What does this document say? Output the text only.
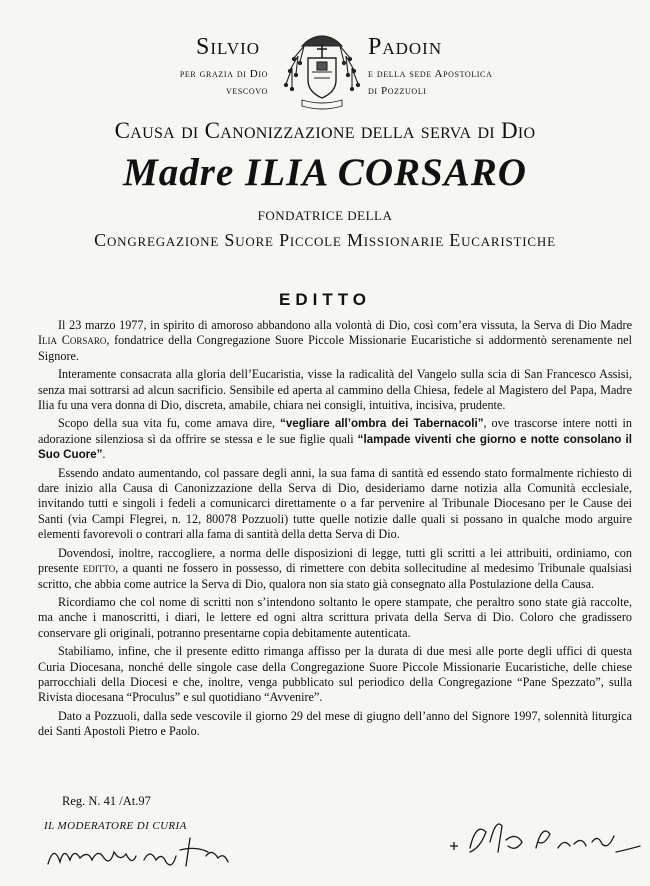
Silvio
per grazia di Dio
vescovo
Padoin
e della sede Apostolica
di Pozzuoli
Causa di Canonizzazione della serva di Dio
Madre ILIA CORSARO
FONDATRICE DELLA
Congregazione Suore Piccole Missionarie Eucaristiche
EDITTO

Il 23 marzo 1977, in spirito di amoroso abbandono alla volontà di Dio, così com’era vissuta, la Serva di Dio Madre Ilia Corsaro, fondatrice della Congregazione Suore Piccole Missionarie Eucaristiche si addormentò serenamente nel Signore.

Interamente consacrata alla gloria dell’Eucaristia, visse la radicalità del Vangelo sulla scia di San Francesco Assisi, senza mai sottrarsi ad alcun sacrificio. Sensibile ed aperta al cammino della Chiesa, fedele al Magistero del Papa, Madre Ilia fu una vera donna di Dio, discreta, amabile, chiara nei consigli, intuitiva, incisiva, prudente.

Scopo della sua vita fu, come amava dire, “vegliare all’ombra dei Tabernacoli”, ove trascorse intere notti in adorazione silenziosa sì da offrire se stessa e le sue figlie quali “lampade viventi che giorno e notte consolano il Suo Cuore”.

Essendo andato aumentando, col passare degli anni, la sua fama di santità ed essendo stato formalmente richiesto di dare inizio alla Causa di Canonizzazione della Serva di Dio, desideriamo darne notizia alla Comunità ecclesiale, invitando tutti e singoli i fedeli a comunicarci direttamente o a far pervenire al Tribunale Diocesano per le Cause dei Santi (via Campi Flegrei, n. 12, 80078 Pozzuoli) tutte quelle notizie dalle quali si possano in qualche modo arguire elementi favorevoli o contrari alla fama di santità della detta Serva di Dio.

Dovendosi, inoltre, raccogliere, a norma delle disposizioni di legge, tutti gli scritti a lei attribuiti, ordiniamo, con presente editto, a quanti ne fossero in possesso, di rimettere con debita sollecitudine al medesimo Tribunale qualsiasi scritto, che abbia come autrice la Serva di Dio, qualora non sia stato già consegnato alla Postulazione della Causa.

Ricordiamo che col nome di scritti non s’intendono soltanto le opere stampate, che peraltro sono state già raccolte, ma anche i manoscritti, i diari, le lettere ed ogni altra scrittura privata della Serva di Dio. Coloro che gradissero conservare gli originali, potranno presentarne copia debitamente autenticata.

Stabiliamo, infine, che il presente editto rimanga affisso per la durata di due mesi alle porte degli uffici di questa Curia Diocesana, nonché delle singole case della Congregazione Suore Piccole Missionarie Eucaristiche, delle chiese parrocchiali della Diocesi e che, inoltre, venga pubblicato sul periodico della Congregazione “Pane Spezzato”, sulla Rivista diocesana “Proculus” e sul quotidiano “Avvenire”.

Dato a Pozzuoli, dalla sede vescovile il giorno 29 del mese di giugno dell’anno del Signore 1997, solennità liturgica dei Santi Apostoli Pietro e Paolo.

Reg. N. 41 /At.97
IL MODERATORE DI CURIA
